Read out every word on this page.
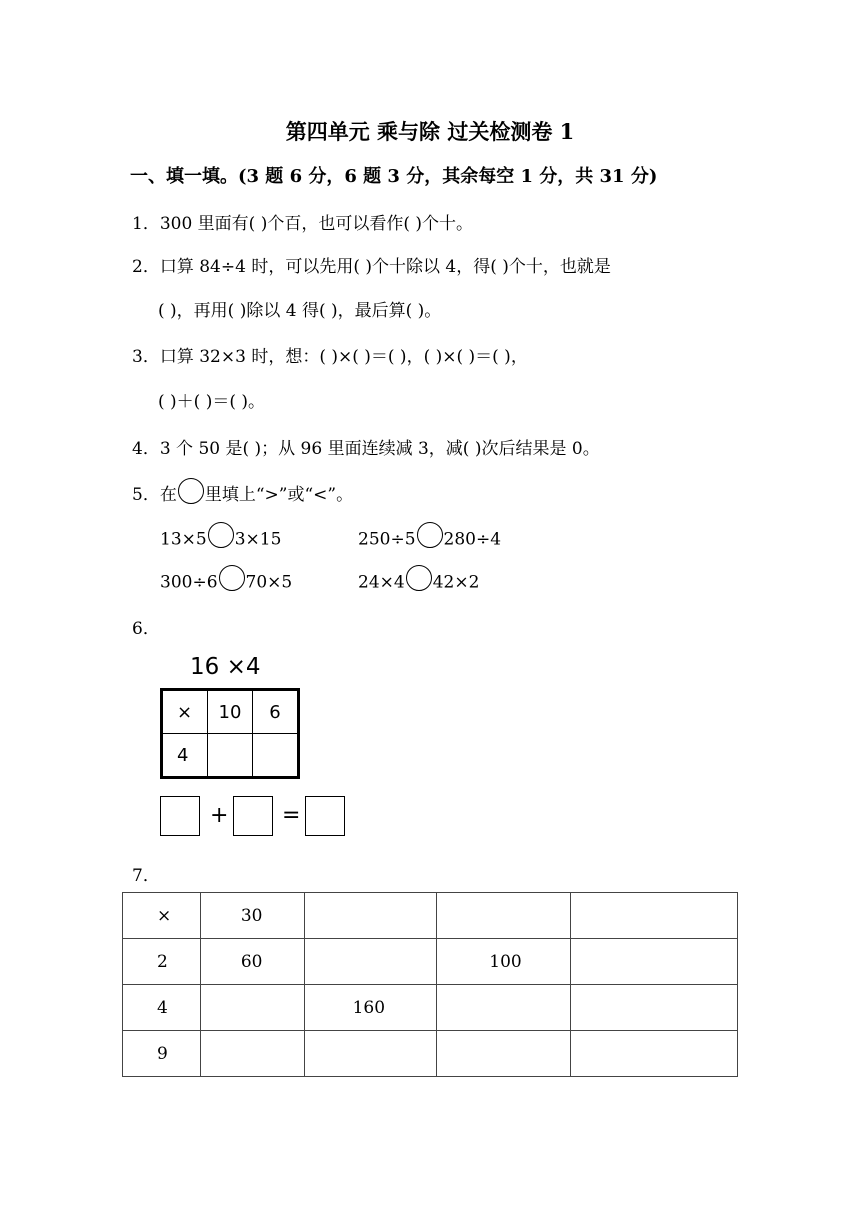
第四单元 乘与除 过关检测卷 1
一、填一填。(3 题 6 分，6 题 3 分，其余每空 1 分，共 31 分)
1．300 里面有( )个百，也可以看作( )个十。
2．口算 84÷4 时，可以先用( )个十除以 4，得( )个十，也就是
( )，再用( )除以 4 得( )，最后算( )。
3．口算 32×3 时，想：( )×( )＝( )，( )×( )＝( )，
( )＋( )＝( )。
4．3 个 50 是( )；从 96 里面连续减 3，减( )次后结果是 0。
5．在 里填上“>”或“<”。
13×5 3×15	250÷5 280÷4
300÷6 70×5	24×4 42×2
6．
16 ×4
×	10	6
4		
+ =
7．
×	30			
2	60		100	
4		160		
9				
